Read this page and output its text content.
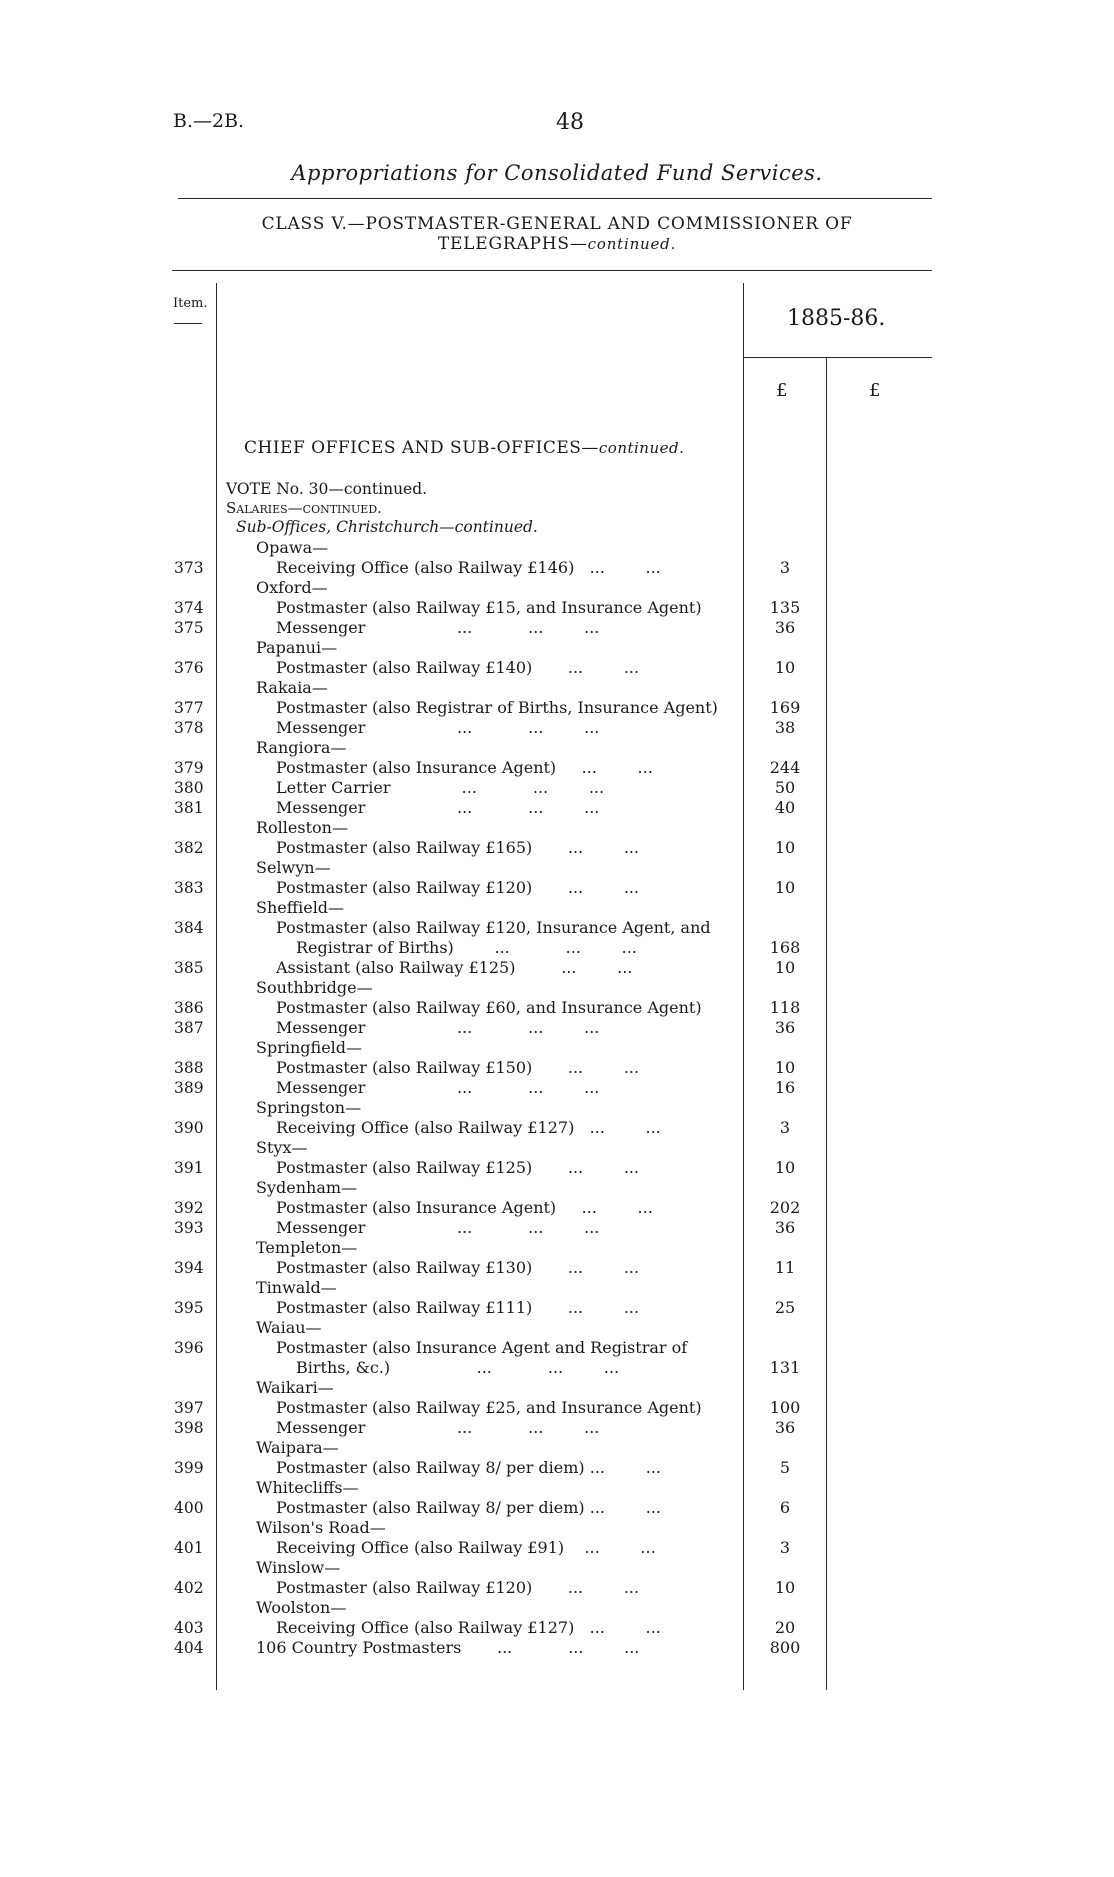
B.—2B.	48
Appropriations for Consolidated Fund Services.
CLASS V.—POSTMASTER-GENERAL AND COMMISSIONER OF
TELEGRAPHS—continued.
Item.
1885-86.
£	£
CHIEF OFFICES AND SUB-OFFICES—continued.
VOTE No. 30—continued.
Salaries—continued.
Sub-Offices, Christchurch—continued.
Opawa—
373	Receiving Office (also Railway £146)   ...        ...	3
Oxford—
374	Postmaster (also Railway £15, and Insurance Agent)	135
375	Messenger                  ...           ...        ...	36
Papanui—
376	Postmaster (also Railway £140)       ...        ...	10
Rakaia—
377	Postmaster (also Registrar of Births, Insurance Agent)	169
378	Messenger                  ...           ...        ...	38
Rangiora—
379	Postmaster (also Insurance Agent)     ...        ...	244
380	Letter Carrier              ...           ...        ...	50
381	Messenger                  ...           ...        ...	40
Rolleston—
382	Postmaster (also Railway £165)       ...        ...	10
Selwyn—
383	Postmaster (also Railway £120)       ...        ...	10
Sheffield—
384	Postmaster (also Railway £120, Insurance Agent, and
Registrar of Births)        ...           ...        ...	168
385	Assistant (also Railway £125)         ...        ...	10
Southbridge—
386	Postmaster (also Railway £60, and Insurance Agent)	118
387	Messenger                  ...           ...        ...	36
Springfield—
388	Postmaster (also Railway £150)       ...        ...	10
389	Messenger                  ...           ...        ...	16
Springston—
390	Receiving Office (also Railway £127)   ...        ...	3
Styx—
391	Postmaster (also Railway £125)       ...        ...	10
Sydenham—
392	Postmaster (also Insurance Agent)     ...        ...	202
393	Messenger                  ...           ...        ...	36
Templeton—
394	Postmaster (also Railway £130)       ...        ...	11
Tinwald—
395	Postmaster (also Railway £111)       ...        ...	25
Waiau—
396	Postmaster (also Insurance Agent and Registrar of
Births, &c.)                 ...           ...        ...	131
Waikari—
397	Postmaster (also Railway £25, and Insurance Agent)	100
398	Messenger                  ...           ...        ...	36
Waipara—
399	Postmaster (also Railway 8/ per diem) ...        ...	5
Whitecliffs—
400	Postmaster (also Railway 8/ per diem) ...        ...	6
Wilson's Road—
401	Receiving Office (also Railway £91)    ...        ...	3
Winslow—
402	Postmaster (also Railway £120)       ...        ...	10
Woolston—
403	Receiving Office (also Railway £127)   ...        ...	20
404	106 Country Postmasters       ...           ...        ...	800
